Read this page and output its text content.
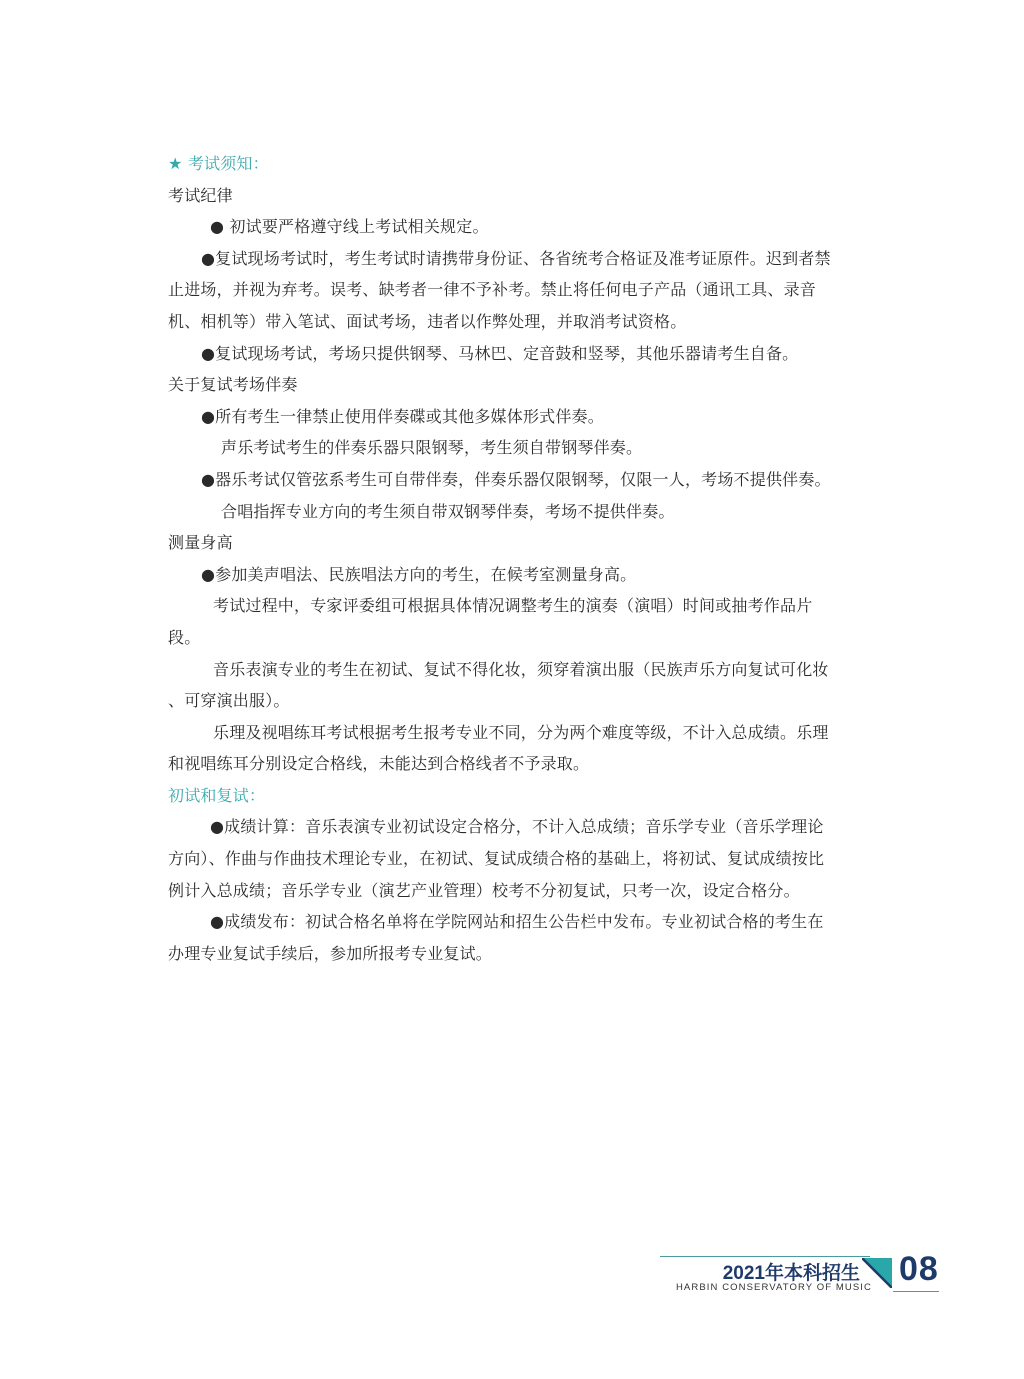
★ 考试须知：

考试纪律

● 初试要严格遵守线上考试相关规定。

●复试现场考试时，考生考试时请携带身份证、各省统考合格证及准考证原件。迟到者禁止进场，并视为弃考。误考、缺考者一律不予补考。禁止将任何电子产品（通讯工具、录音机、相机等）带入笔试、面试考场，违者以作弊处理，并取消考试资格。

●复试现场考试，考场只提供钢琴、马林巴、定音鼓和竖琴，其他乐器请考生自备。

关于复试考场伴奏

●所有考生一律禁止使用伴奏碟或其他多媒体形式伴奏。

声乐考试考生的伴奏乐器只限钢琴，考生须自带钢琴伴奏。

●器乐考试仅管弦系考生可自带伴奏，伴奏乐器仅限钢琴，仅限一人，考场不提供伴奏。

合唱指挥专业方向的考生须自带双钢琴伴奏，考场不提供伴奏。

测量身高

●参加美声唱法、民族唱法方向的考生，在候考室测量身高。

考试过程中，专家评委组可根据具体情况调整考生的演奏（演唱）时间或抽考作品片段。

音乐表演专业的考生在初试、复试不得化妆，须穿着演出服（民族声乐方向复试可化妆 、可穿演出服）。

乐理及视唱练耳考试根据考生报考专业不同，分为两个难度等级，不计入总成绩。乐理和视唱练耳分别设定合格线，未能达到合格线者不予录取。

初试和复试：

●成绩计算：音乐表演专业初试设定合格分，不计入总成绩；音乐学专业（音乐学理论方向）、作曲与作曲技术理论专业，在初试、复试成绩合格的基础上，将初试、复试成绩按比例计入总成绩；音乐学专业（演艺产业管理）校考不分初复试，只考一次，设定合格分。

●成绩发布：初试合格名单将在学院网站和招生公告栏中发布。专业初试合格的考生在办理专业复试手续后，参加所报考专业复试。

2021年本科招生
HARBIN CONSERVATORY OF MUSIC 08
